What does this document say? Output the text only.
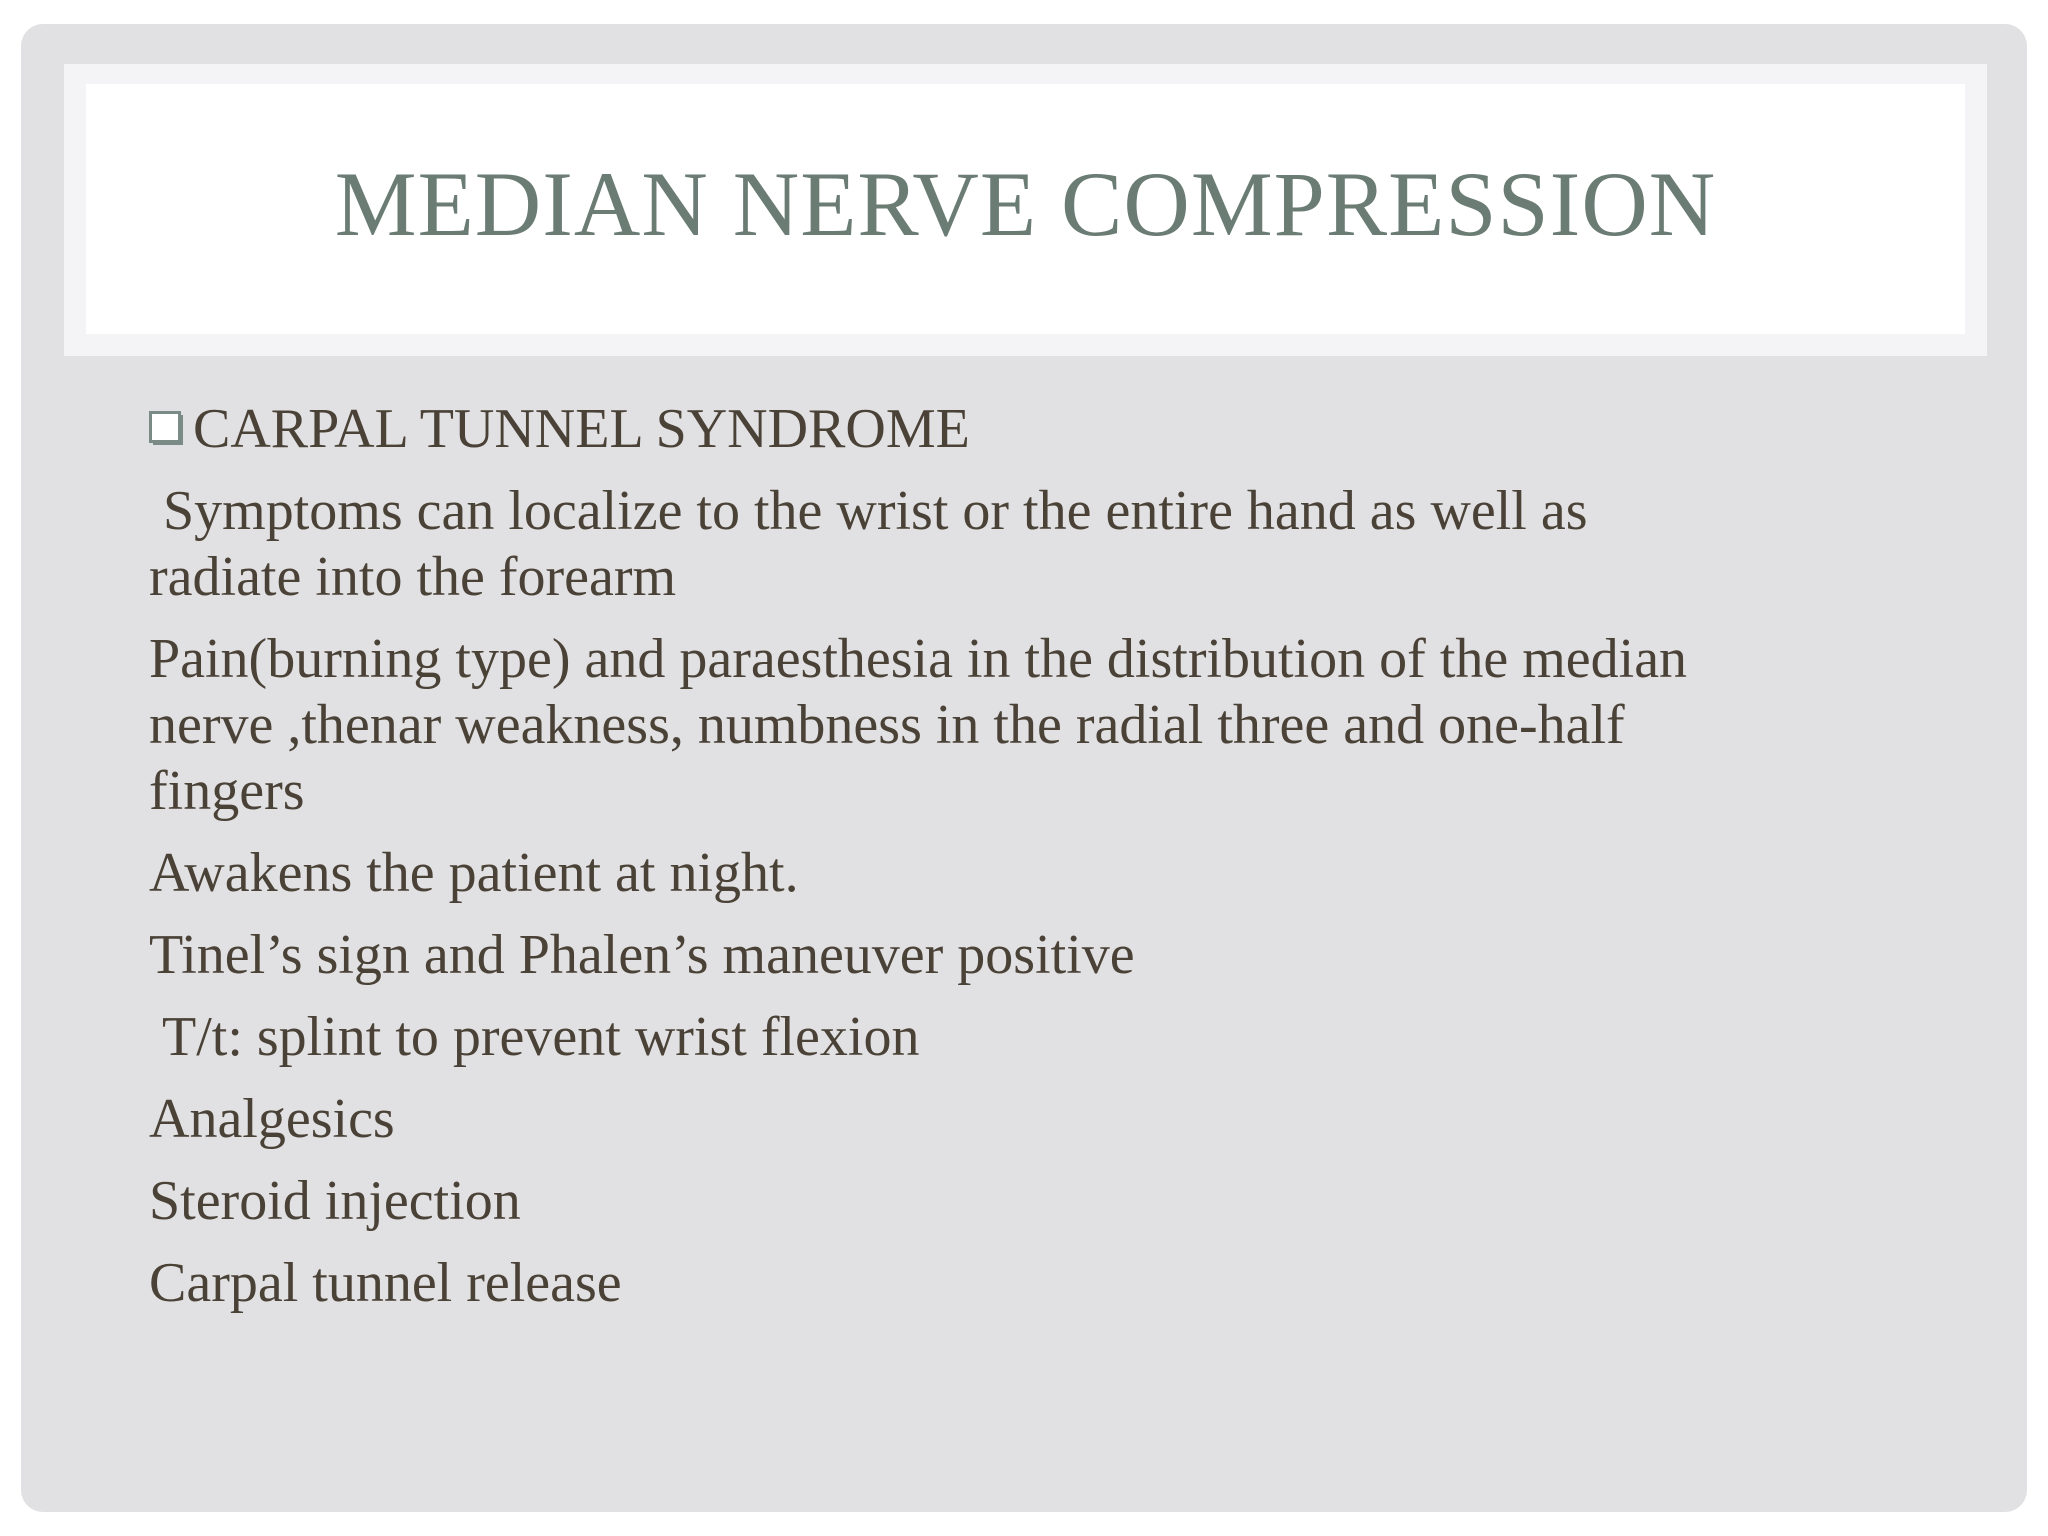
MEDIAN NERVE COMPRESSION
CARPAL TUNNEL SYNDROME
Symptoms can localize to the wrist or the entire hand as well as
radiate into the forearm
Pain(burning type) and paraesthesia in the distribution of the median
nerve ,thenar weakness, numbness in the radial three and one-half
fingers
Awakens the patient at night.
Tinel’s sign and Phalen’s maneuver positive
T/t: splint to prevent wrist flexion
Analgesics
Steroid injection
Carpal tunnel release
